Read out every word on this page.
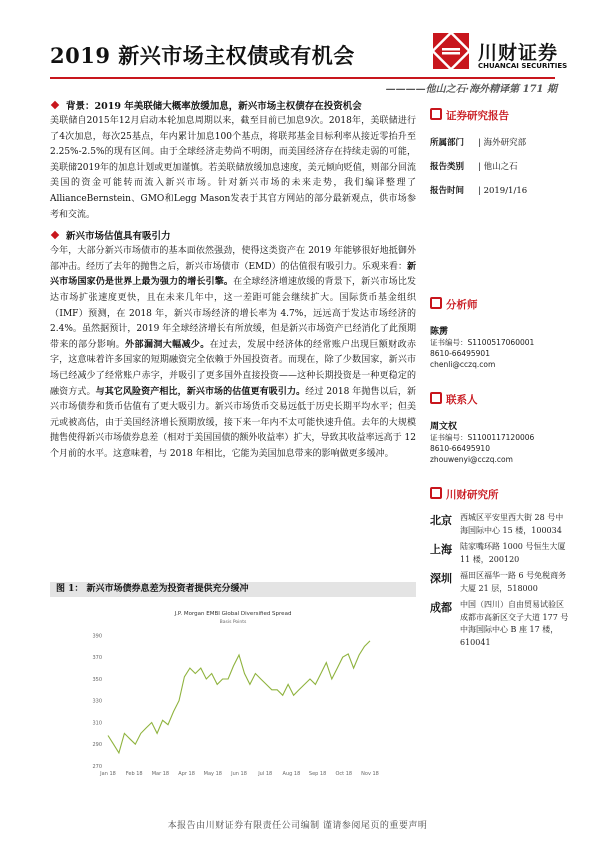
2019 新兴市场主权债或有机会	川财证券
CHUANCAI SECURITIES
————他山之石·海外精译第 171 期

背景：2019 年美联储大概率放缓加息，新兴市场主权债存在投资机会

美联储自2015年12月启动本轮加息周期以来，截至目前已加息9次。2018年，美联储进行了4次加息，每次25基点，年内累计加息100个基点，将联邦基金目标利率从接近零抬升至2.25%-2.5%的现有区间。由于全球经济走势尚不明朗，而美国经济存在持续走弱的可能，美联储2019年的加息计划或更加谨慎。若美联储放缓加息速度，美元倾向贬值，则部分回流美国的资金可能转而流入新兴市场。针对新兴市场的未来走势，我们编译整理了AllianceBernstein、GMO和Legg Mason发表于其官方网站的部分最新观点，供市场参考和交流。

新兴市场估值具有吸引力

今年，大部分新兴市场债市的基本面依然强劲，使得这类资产在 2019 年能够很好地抵御外部冲击。经历了去年的抛售之后，新兴市场债市（EMD）的估值很有吸引力。乐观来看：新兴市场国家仍是世界上最为强力的增长引擎。在全球经济增速放缓的背景下，新兴市场比发达市场扩张速度更快，且在未来几年中，这一差距可能会继续扩大。国际货币基金组织（IMF）预测，在 2018 年，新兴市场经济的增长率为 4.7%，远远高于发达市场经济的 2.4%。虽然据预计，2019 年全球经济增长有所放缓，但是新兴市场资产已经消化了此预期带来的部分影响。外部漏洞大幅减少。在过去，发展中经济体的经常账户出现巨额财政赤字，这意味着许多国家的短期融资完全依赖于外国投资者。而现在，除了少数国家，新兴市场已经减少了经常账户赤字，并吸引了更多国外直接投资——这种长期投资是一种更稳定的融资方式。与其它风险资产相比，新兴市场的估值更有吸引力。经过 2018 年抛售以后，新兴市场债券和货币估值有了更大吸引力。新兴市场货币交易远低于历史长期平均水平；但美元或被高估，由于美国经济增长预期放缓，接下来一年内不太可能快速升值。去年的大规模抛售使得新兴市场债券息差（相对于美国国债的额外收益率）扩大，导致其收益率远高于 12 个月前的水平。这意味着，与 2018 年相比，它能为美国加息带来的影响做更多缓冲。

图 1： 新兴市场债券息差为投资者提供充分缓冲
J.P. Morgan EMBI Global Diversified Spread
Basis Points
270
290
310
330
350
370
390
Jan 18 Feb 18 Mar 18 Apr 18 May 18 Jun 18 Jul 18 Aug 18 Sep 18 Oct 18 Nov 18
证券研究报告
所属部门 | 海外研究部
报告类别 | 他山之石
报告时间 | 2019/1/16
分析师
陈雳
证书编号：S1100517060001
8610-66495901
chenli@cczq.com
联系人
周文权
证书编号：S1100117120006
8610-66495910
zhouwenyi@cczq.com
川财研究所
北京 西城区平安里西大街 28 号中海国际中心 15 楼，100034
上海 陆家嘴环路 1000 号恒生大厦 11 楼，200120
深圳 福田区福华一路 6 号免税商务大厦 21 层，518000
成都 中国（四川）自由贸易试验区成都市高新区交子大道 177 号中海国际中心 B 座 17 楼，610041
本报告由川财证券有限责任公司编制 谨请参阅尾页的重要声明
